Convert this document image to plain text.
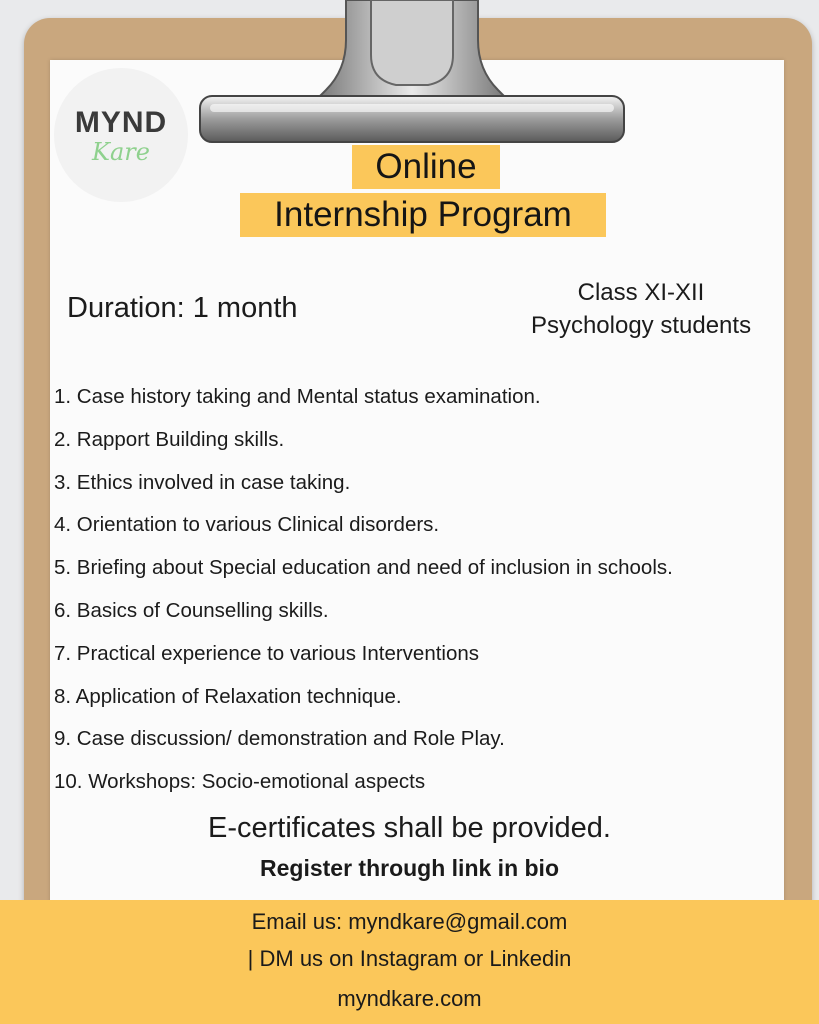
MYND
Kare	Online
Internship Program
Duration: 1 month	Class XI-XII
Psychology students
1. Case history taking and Mental status examination.
2. Rapport Building skills.
3. Ethics involved in case taking.
4. Orientation to various Clinical disorders.
5. Briefing about Special education and need of inclusion in schools.
6. Basics of Counselling skills.
7. Practical experience to various Interventions
8. Application of Relaxation technique.
9. Case discussion/ demonstration and Role Play.
10. Workshops: Socio-emotional aspects
E-certificates shall be provided.
Register through link in bio
Email us: myndkare@gmail.com
| DM us on Instagram or Linkedin
myndkare.com
